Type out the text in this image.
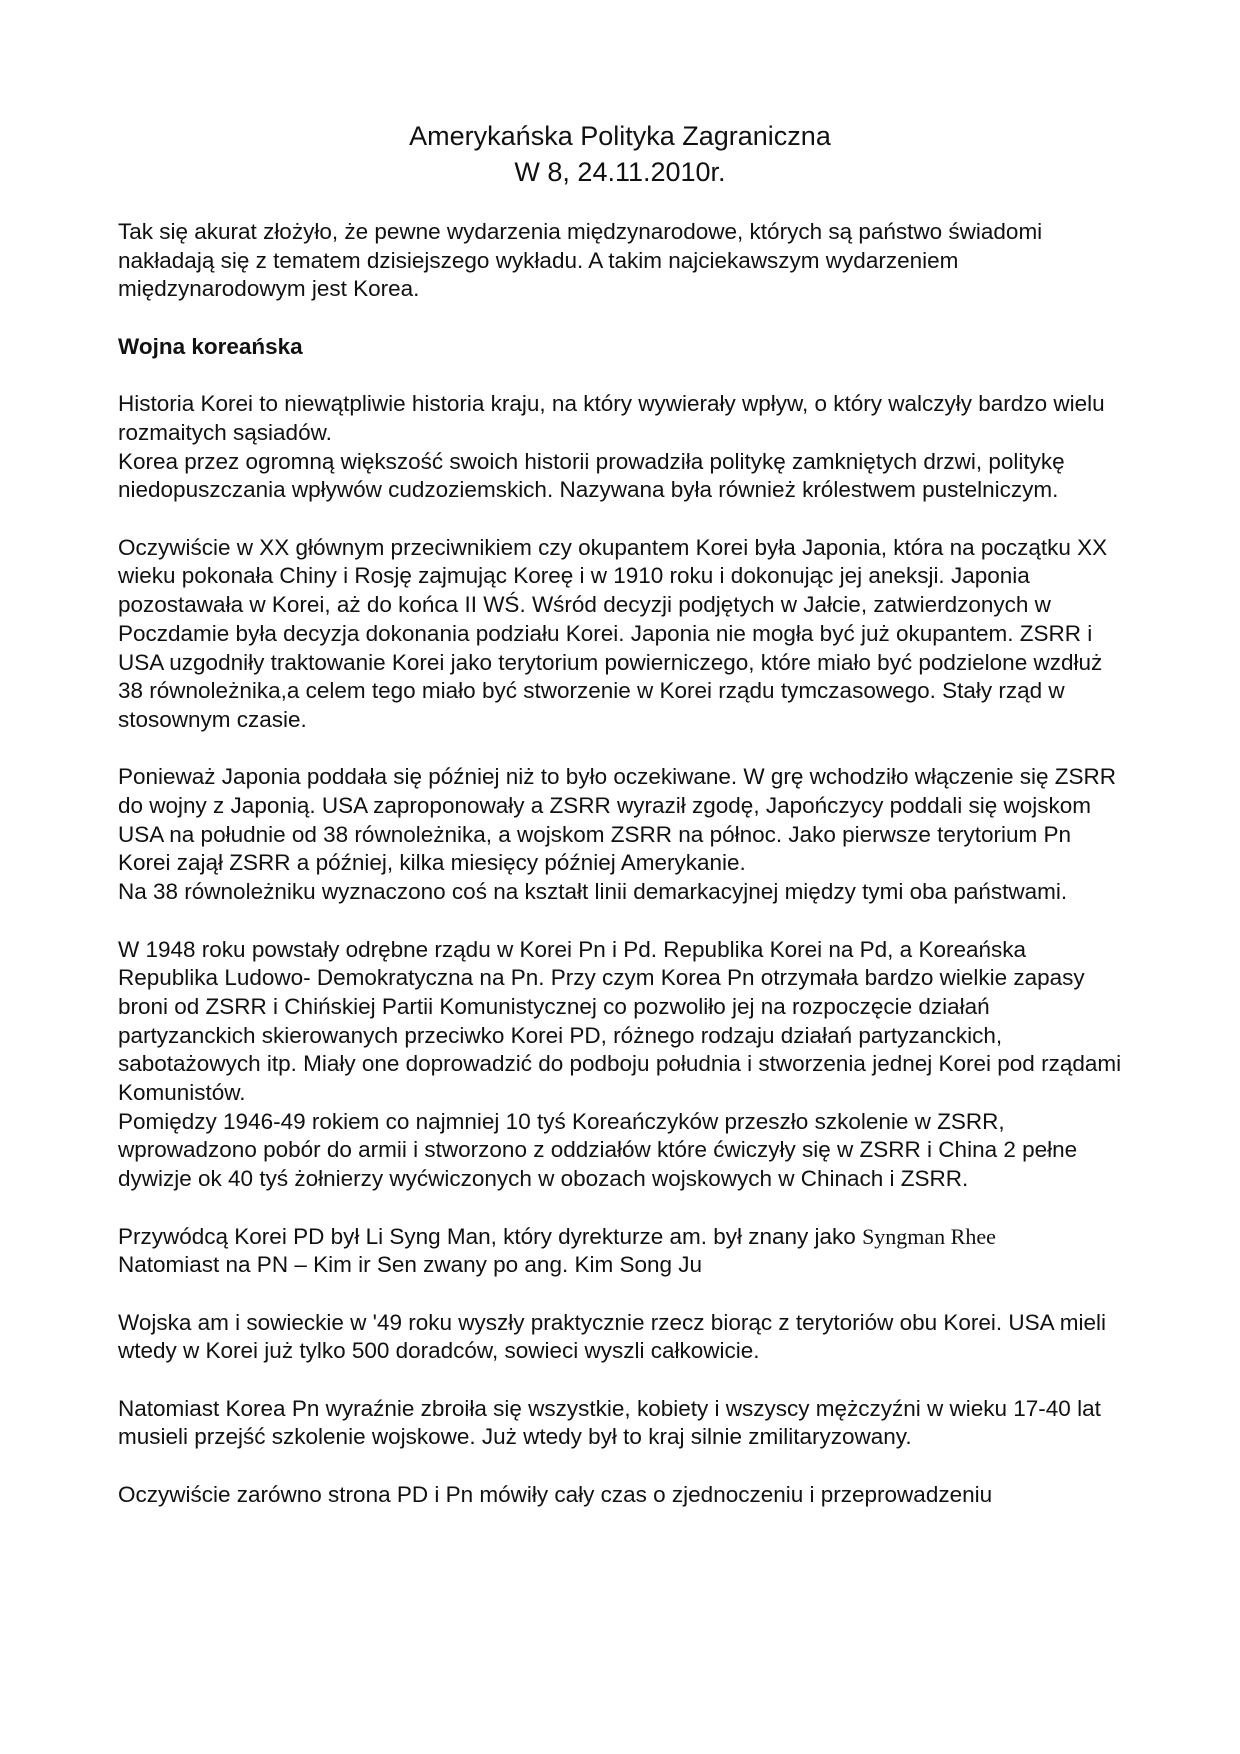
Amerykańska Polityka Zagraniczna
W 8, 24.11.2010r.

Tak się akurat złożyło, że pewne wydarzenia międzynarodowe, których są państwo świadomi nakładają się z tematem dzisiejszego wykładu. A takim najciekawszym wydarzeniem międzynarodowym jest Korea.

Wojna koreańska

Historia Korei to niewątpliwie historia kraju, na który wywierały wpływ, o który walczyły bardzo wielu rozmaitych sąsiadów.

Korea przez ogromną większość swoich historii prowadziła politykę zamkniętych drzwi, politykę niedopuszczania wpływów cudzoziemskich. Nazywana była również królestwem pustelniczym.

Oczywiście w XX głównym przeciwnikiem czy okupantem Korei była Japonia, która na początku XX wieku pokonała Chiny i Rosję zajmując Koreę i w 1910 roku i dokonując jej aneksji. Japonia pozostawała w Korei, aż do końca II WŚ. Wśród decyzji podjętych w Jałcie, zatwierdzonych w Poczdamie była decyzja dokonania podziału Korei. Japonia nie mogła być już okupantem. ZSRR i USA uzgodniły traktowanie Korei jako terytorium powierniczego, które miało być podzielone wzdłuż 38 równoleżnika,a celem tego miało być stworzenie w Korei rządu tymczasowego. Stały rząd w stosownym czasie.

Ponieważ Japonia poddała się później niż to było oczekiwane. W grę wchodziło włączenie się ZSRR do wojny z Japonią. USA zaproponowały a ZSRR wyraził zgodę, Japończycy poddali się wojskom USA na południe od 38 równoleżnika, a wojskom ZSRR na północ. Jako pierwsze terytorium Pn Korei zajął ZSRR a później, kilka miesięcy później Amerykanie.

Na 38 równoleżniku wyznaczono coś na kształt linii demarkacyjnej między tymi oba państwami.

W 1948 roku powstały odrębne rządu w Korei Pn i Pd. Republika Korei na Pd, a Koreańska Republika Ludowo- Demokratyczna na Pn. Przy czym Korea Pn otrzymała bardzo wielkie zapasy broni od ZSRR i Chińskiej Partii Komunistycznej co pozwoliło jej na rozpoczęcie działań partyzanckich skierowanych przeciwko Korei PD, różnego rodzaju działań partyzanckich, sabotażowych itp. Miały one doprowadzić do podboju południa i stworzenia jednej Korei pod rządami Komunistów.

Pomiędzy 1946-49 rokiem co najmniej 10 tyś Koreańczyków przeszło szkolenie w ZSRR, wprowadzono pobór do armii i stworzono z oddziałów które ćwiczyły się w ZSRR i China 2 pełne dywizje ok 40 tyś żołnierzy wyćwiczonych w obozach wojskowych w Chinach i ZSRR.

Przywódcą Korei PD był Li Syng Man, który dyrekturze am. był znany jako Syngman Rhee

Natomiast na PN – Kim ir Sen zwany po ang. Kim Song Ju

Wojska am i sowieckie w '49 roku wyszły praktycznie rzecz biorąc z terytoriów obu Korei. USA mieli wtedy w Korei już tylko 500 doradców, sowieci wyszli całkowicie.

Natomiast Korea Pn wyraźnie zbroiła się wszystkie, kobiety i wszyscy mężczyźni w wieku 17-40 lat musieli przejść szkolenie wojskowe. Już wtedy był to kraj silnie zmilitaryzowany.

Oczywiście zarówno strona PD i Pn mówiły cały czas o zjednoczeniu i przeprowadzeniu
